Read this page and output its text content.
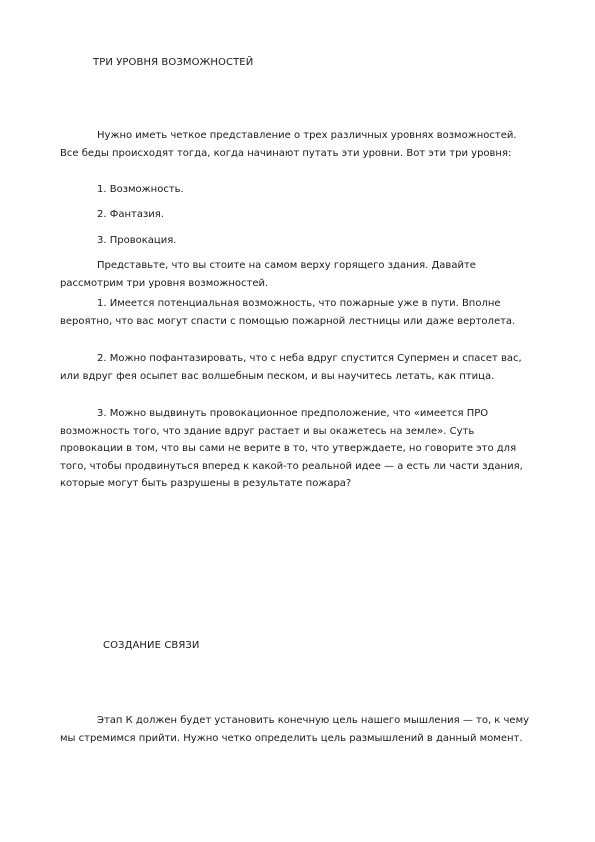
ТРИ УРОВНЯ ВОЗМОЖНОСТЕЙ

Нужно иметь четкое представление о трех различных уровнях возможностей. Все беды происходят тогда, когда начинают путать эти уровни. Вот эти три уровня:

1. Возможность.

2. Фантазия.

3. Провокация.

Представьте, что вы стоите на самом верху горящего здания. Давайте рассмотрим три уровня возможностей.

1. Имеется потенциальная возможность, что пожарные уже в пути. Вполне вероятно, что вас могут спасти с помощью пожарной лестницы или даже вертолета.

2. Можно пофантазировать, что с неба вдруг спустится Супермен и спасет вас, или вдруг фея осыпет вас волшебным песком, и вы научитесь летать, как птица.

3. Можно выдвинуть провокационное предположение, что «имеется ПРО возможность того, что здание вдруг растает и вы окажетесь на земле». Суть провокации в том, что вы сами не верите в то, что утверждаете, но говорите это для того, чтобы продвинуться вперед к какой-то реальной идее — а есть ли части здания, которые могут быть разрушены в результате пожара?

СОЗДАНИЕ СВЯЗИ

Этап К должен будет установить конечную цель нашего мышления — то, к чему мы стремимся прийти. Нужно четко определить цель размышлений в данный момент.
